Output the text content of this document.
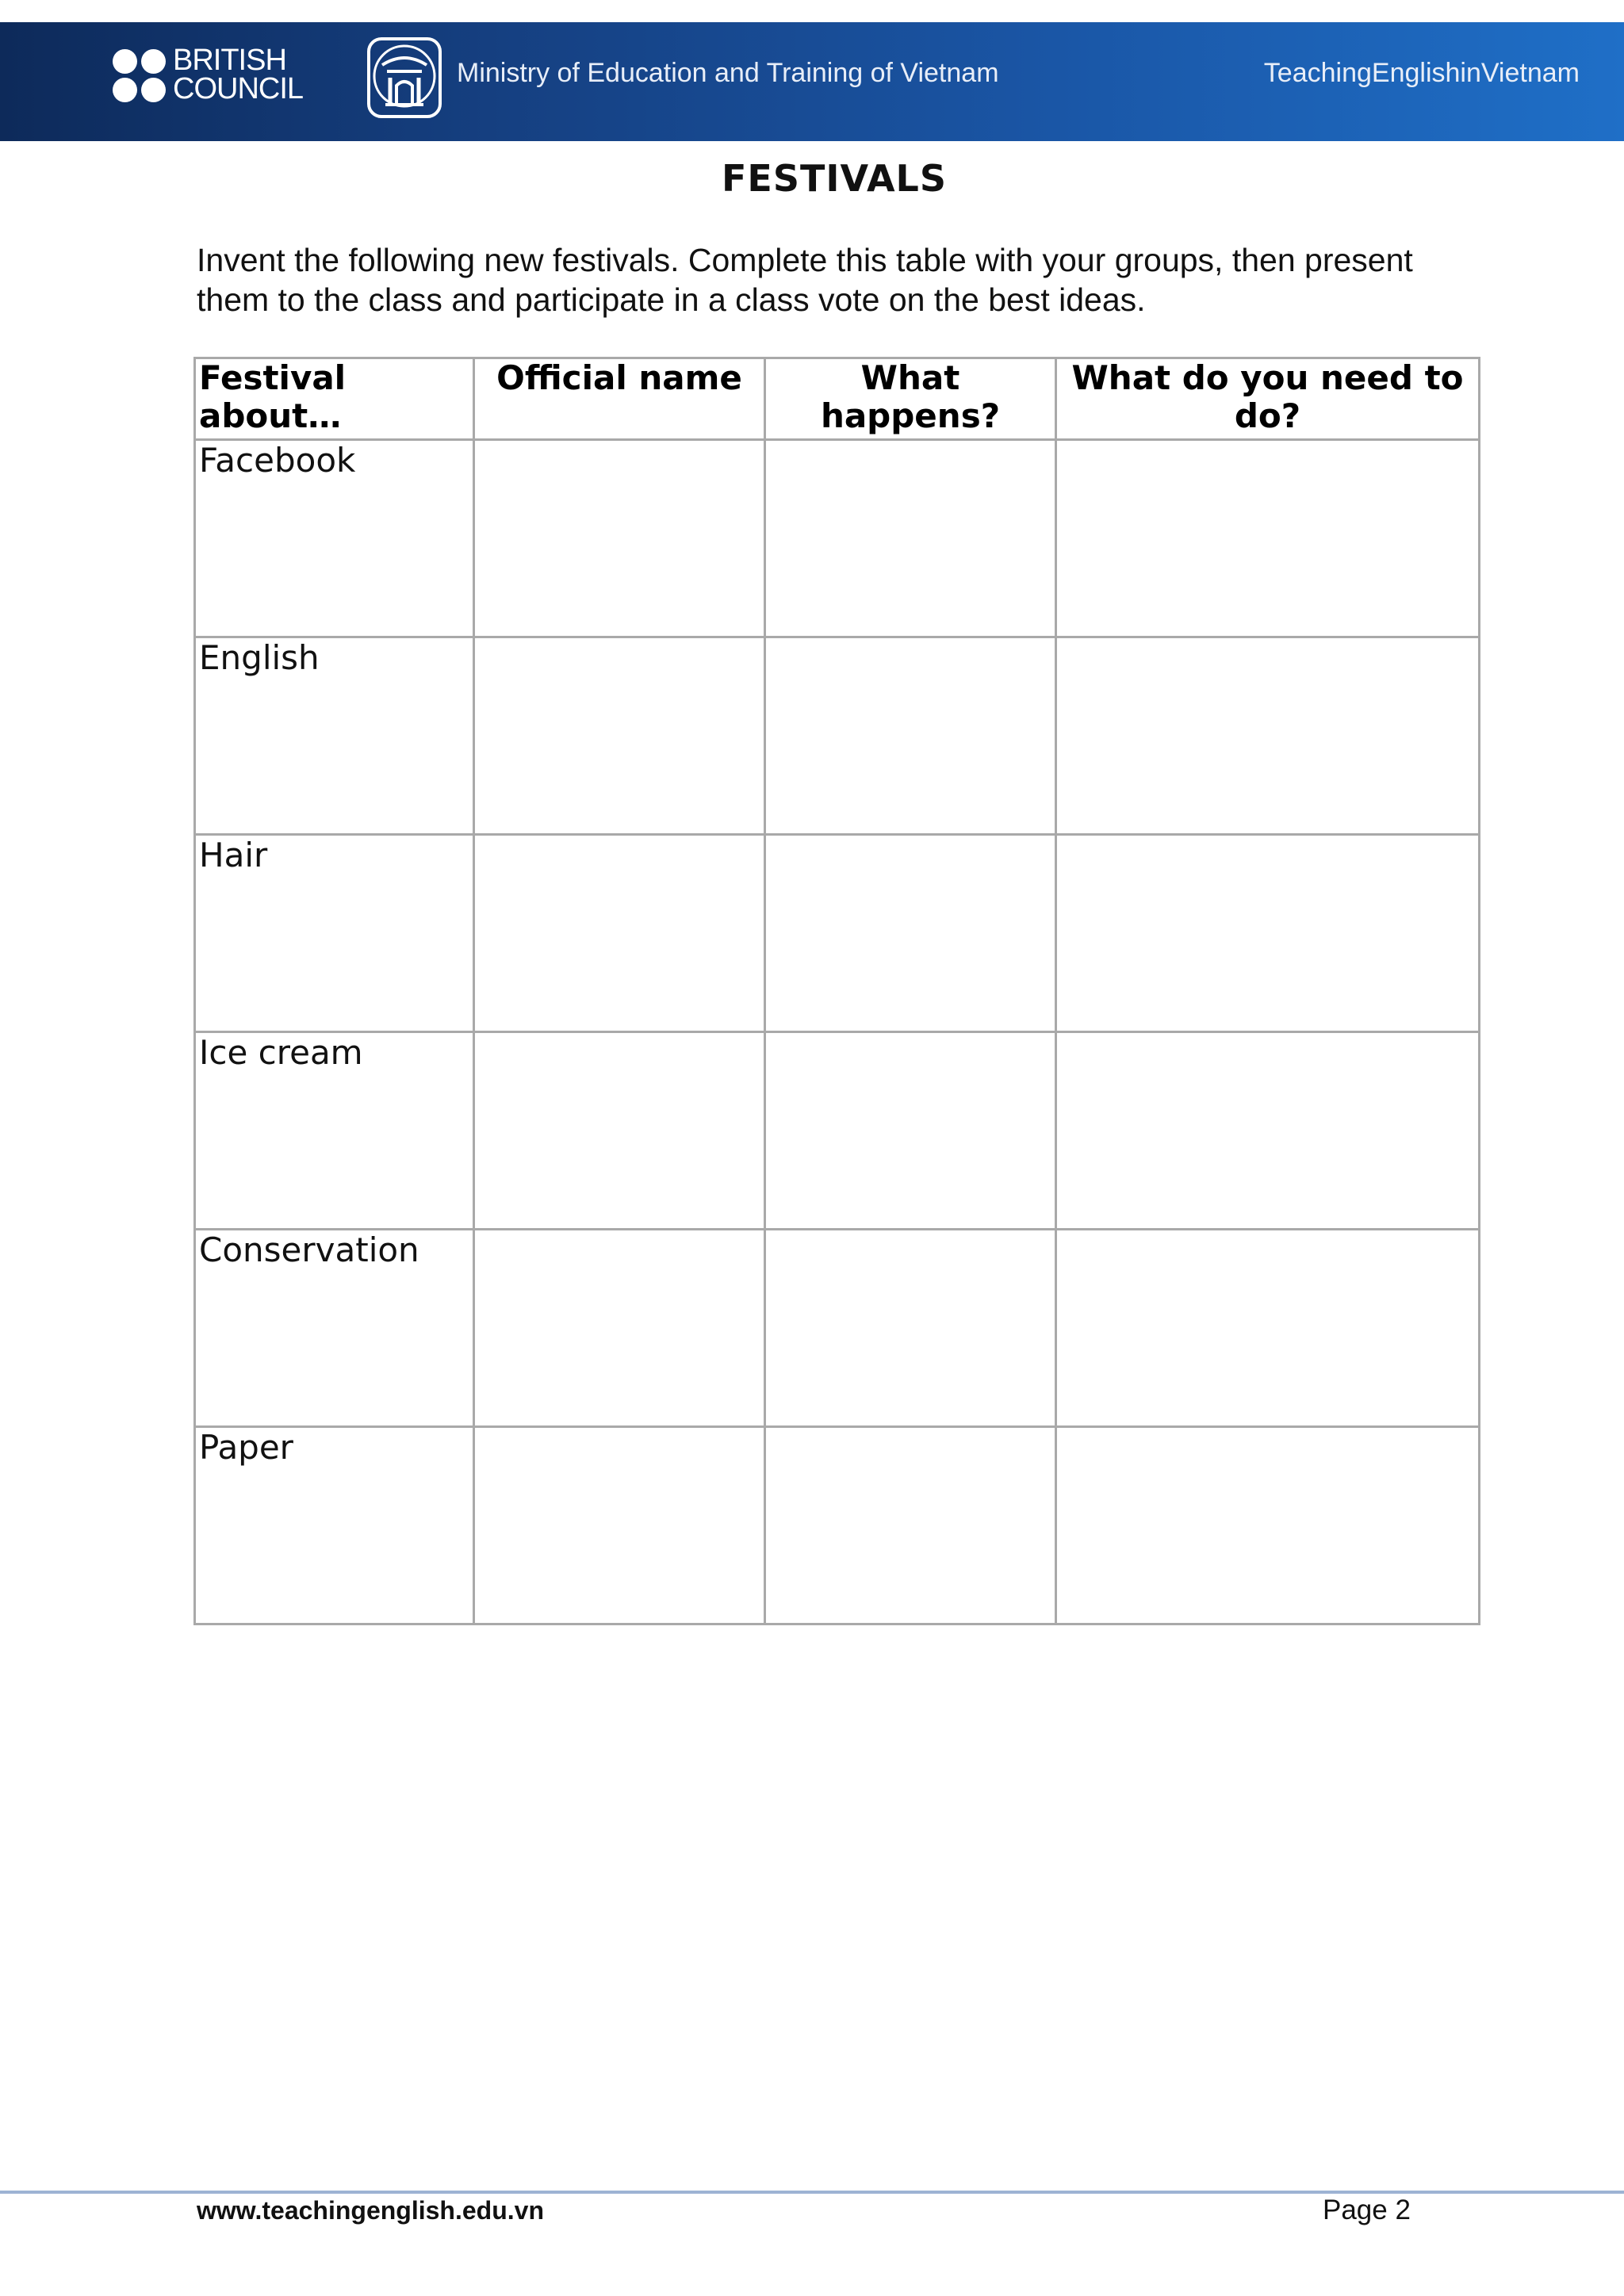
BRITISH
COUNCIL	Ministry of Education and Training of Vietnam	TeachingEnglishinVietnam
FESTIVALS
Invent the following new festivals. Complete this table with your groups, then present them to the class and participate in a class vote on the best ideas.
Festival about…	Official name	What happens?	What do you need to do?
Facebook			
English			
Hair			
Ice cream			
Conservation			
Paper			
www.teachingenglish.edu.vn	Page 2
